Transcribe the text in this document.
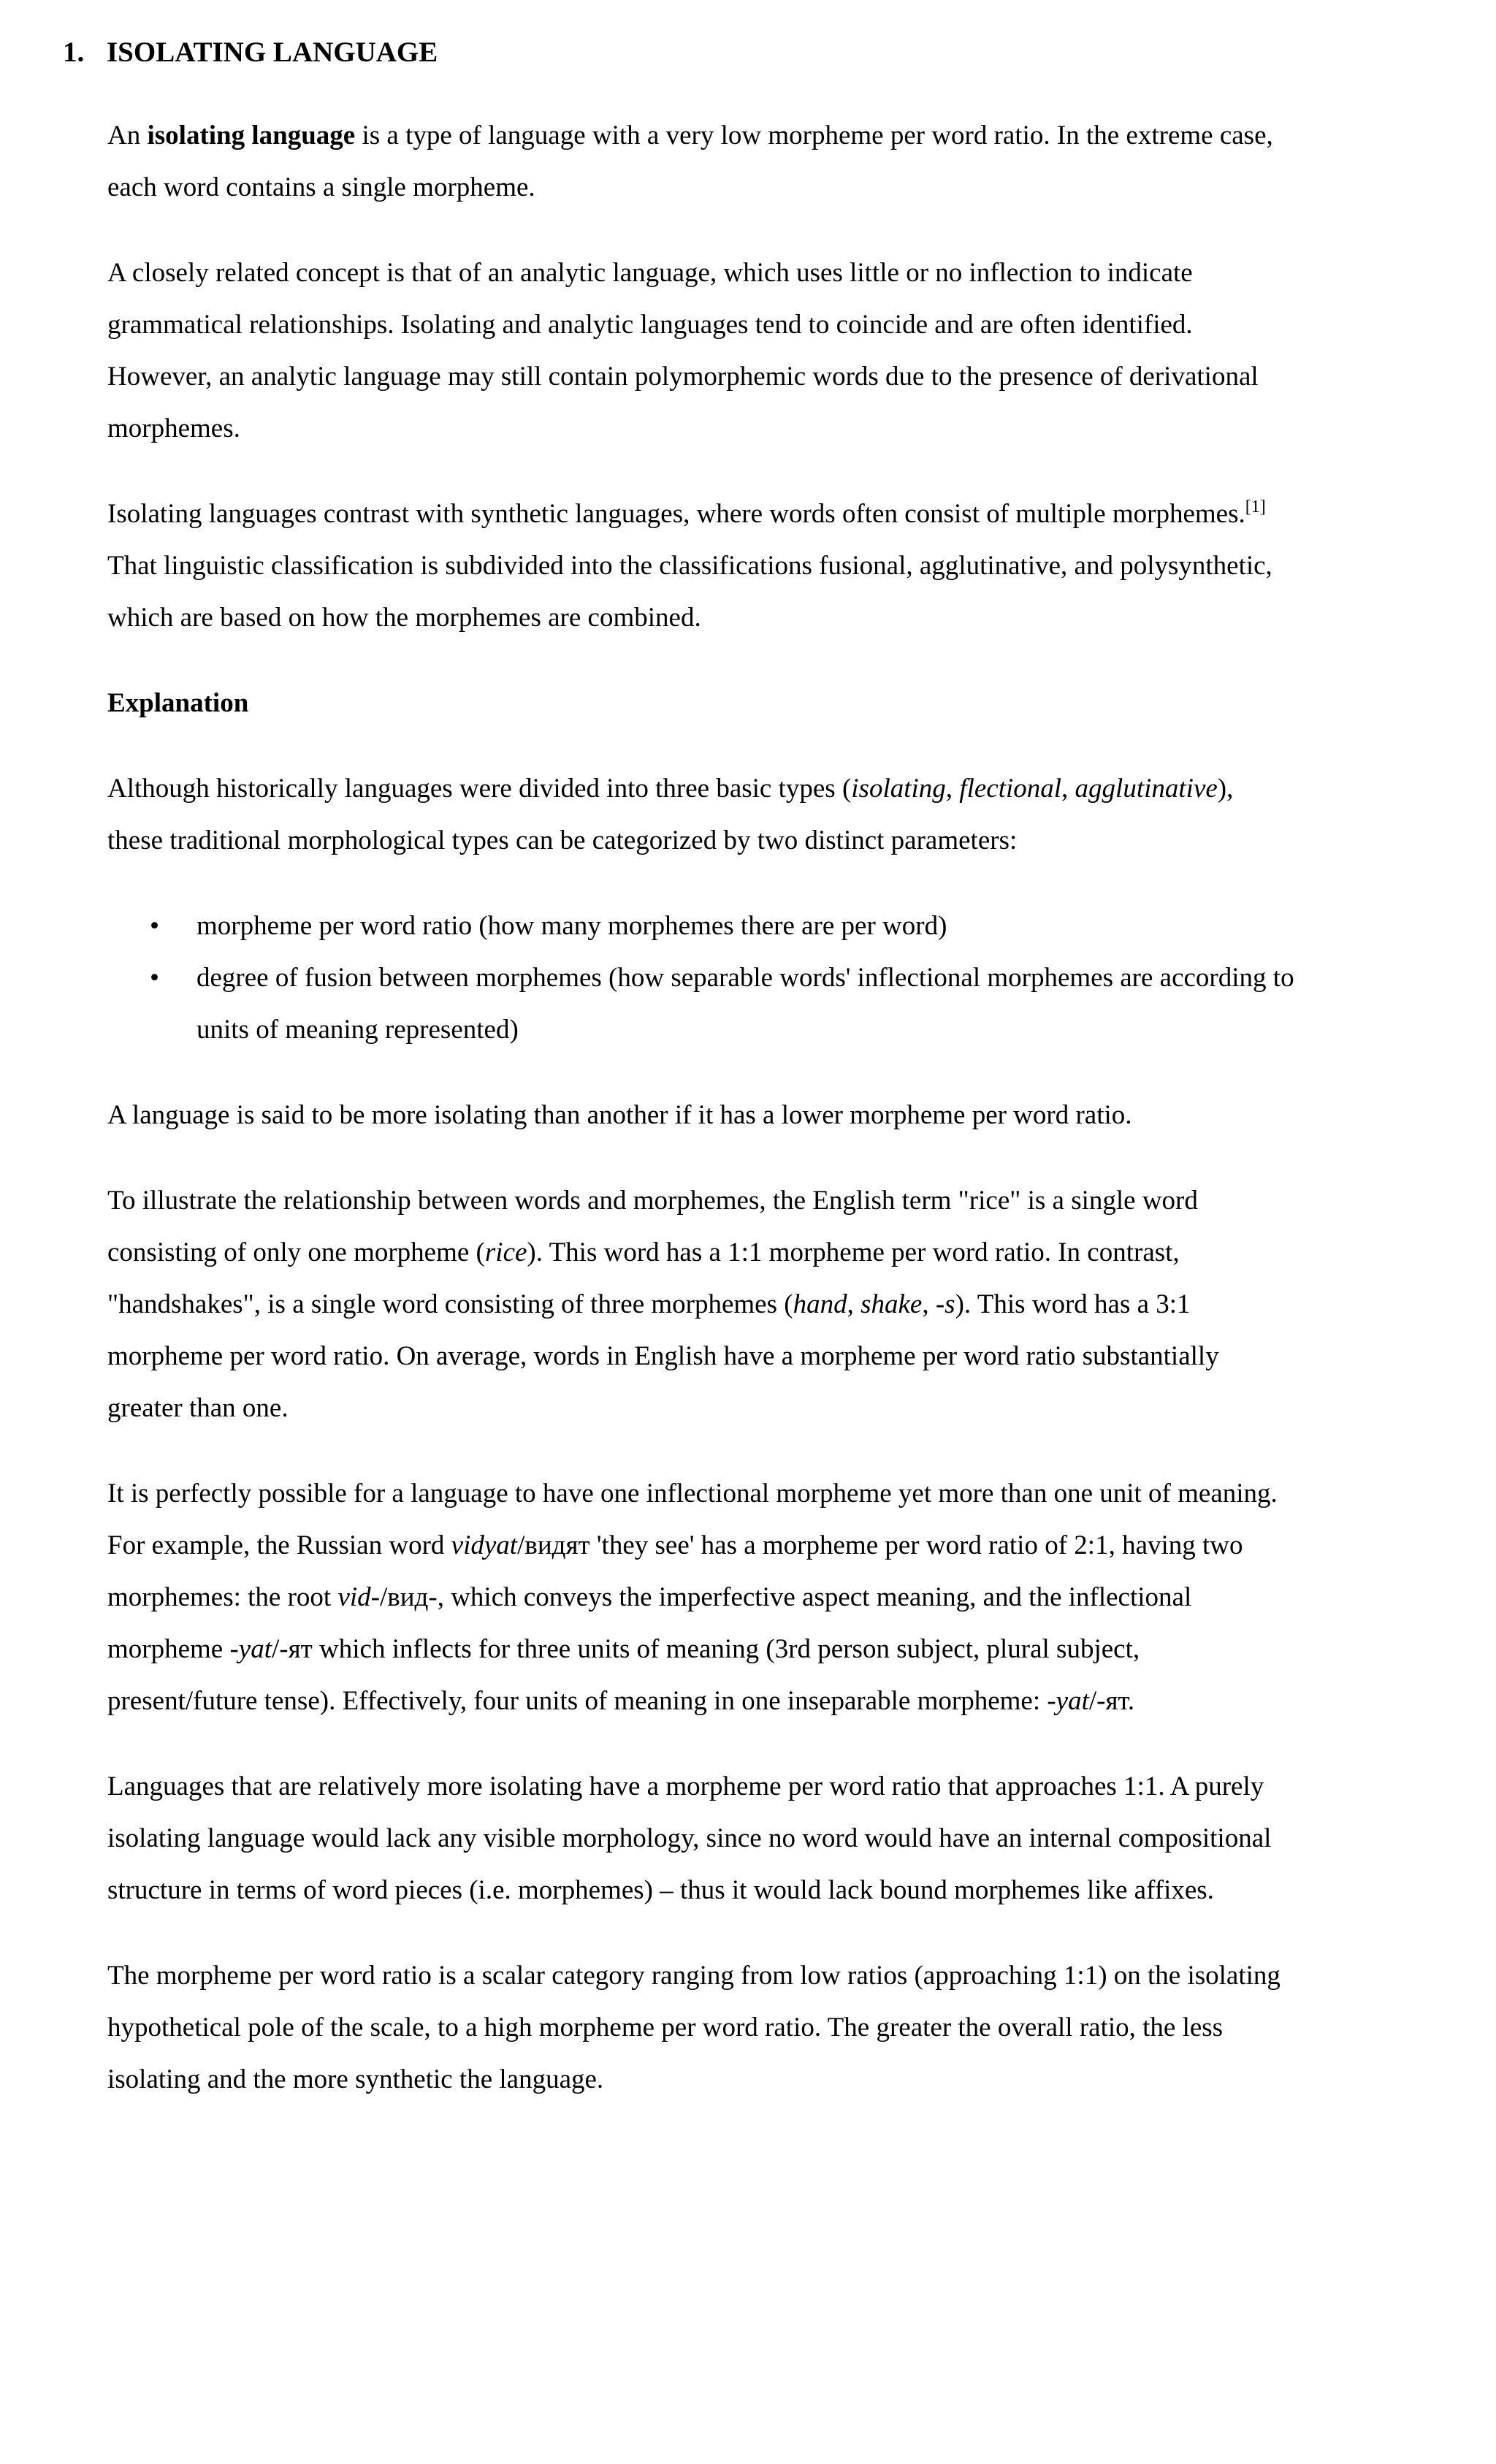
1. ISOLATING LANGUAGE

An isolating language is a type of language with a very low morpheme per word ratio. In the extreme case,
each word contains a single morpheme.

A closely related concept is that of an analytic language, which uses little or no inflection to indicate
grammatical relationships. Isolating and analytic languages tend to coincide and are often identified.
However, an analytic language may still contain polymorphemic words due to the presence of derivational
morphemes.

Isolating languages contrast with synthetic languages, where words often consist of multiple morphemes.[1]
That linguistic classification is subdivided into the classifications fusional, agglutinative, and polysynthetic,
which are based on how the morphemes are combined.

Explanation

Although historically languages were divided into three basic types (isolating, flectional, agglutinative),
these traditional morphological types can be categorized by two distinct parameters:

• morpheme per word ratio (how many morphemes there are per word)
• degree of fusion between morphemes (how separable words' inflectional morphemes are according to
units of meaning represented)

A language is said to be more isolating than another if it has a lower morpheme per word ratio.

To illustrate the relationship between words and morphemes, the English term "rice" is a single word
consisting of only one morpheme (rice). This word has a 1:1 morpheme per word ratio. In contrast,
"handshakes", is a single word consisting of three morphemes (hand, shake, -s). This word has a 3:1
morpheme per word ratio. On average, words in English have a morpheme per word ratio substantially
greater than one.

It is perfectly possible for a language to have one inflectional morpheme yet more than one unit of meaning.
For example, the Russian word vidyat/видят 'they see' has a morpheme per word ratio of 2:1, having two
morphemes: the root vid-/вид-, which conveys the imperfective aspect meaning, and the inflectional
morpheme -yat/-ят which inflects for three units of meaning (3rd person subject, plural subject,
present/future tense). Effectively, four units of meaning in one inseparable morpheme: -yat/-ят.

Languages that are relatively more isolating have a morpheme per word ratio that approaches 1:1. A purely
isolating language would lack any visible morphology, since no word would have an internal compositional
structure in terms of word pieces (i.e. morphemes) – thus it would lack bound morphemes like affixes.

The morpheme per word ratio is a scalar category ranging from low ratios (approaching 1:1) on the isolating
hypothetical pole of the scale, to a high morpheme per word ratio. The greater the overall ratio, the less
isolating and the more synthetic the language.
